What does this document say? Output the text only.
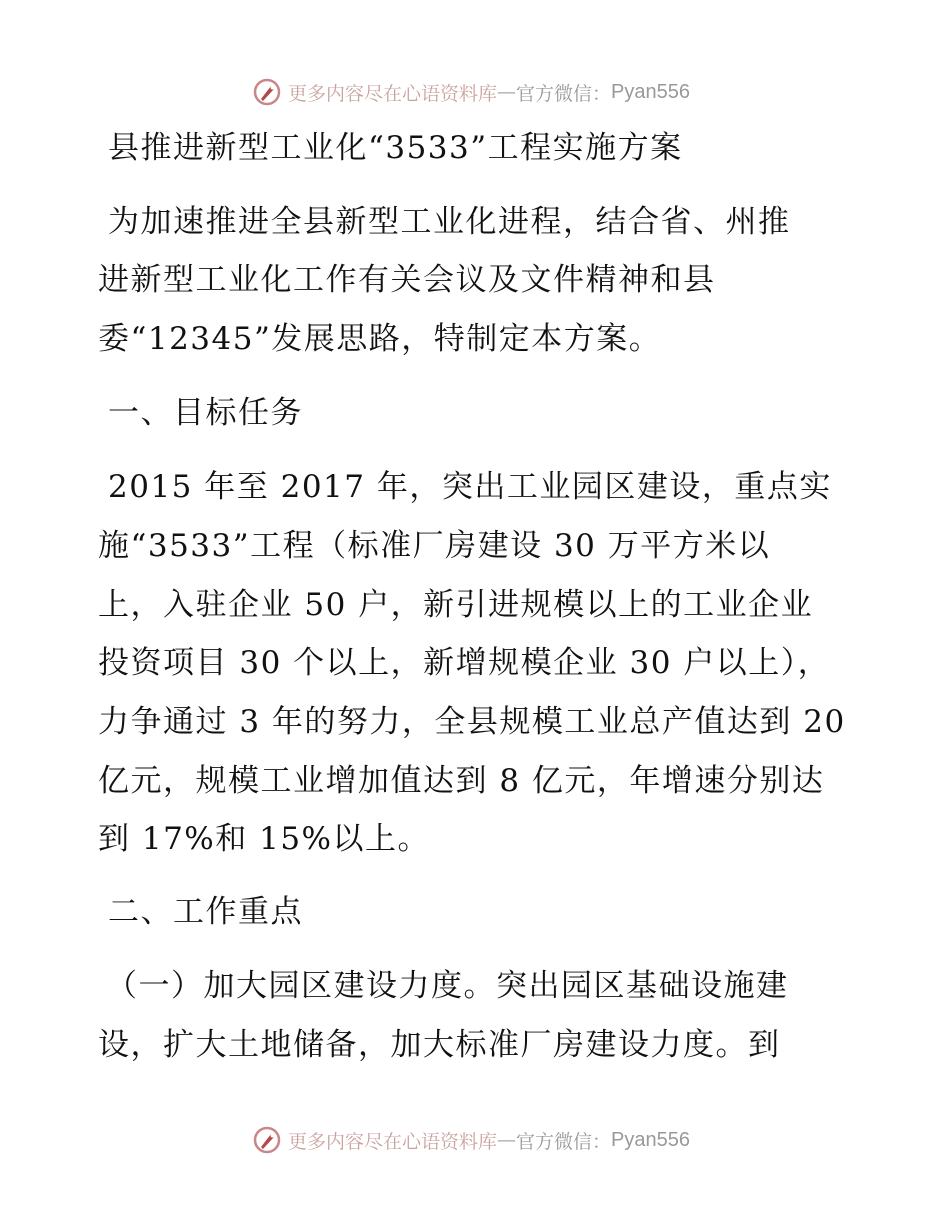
更多内容尽在心语资料库 — 官方微信： Pyan556
县推进新型工业化“3533”工程实施方案
为加速推进全县新型工业化进程，结合省、州推
进新型工业化工作有关会议及文件精神和县
委“12345”发展思路，特制定本方案。
一、目标任务
2015 年至 2017 年，突出工业园区建设，重点实
施“3533”工程（标准厂房建设 30 万平方米以
上，入驻企业 50 户，新引进规模以上的工业企业
投资项目 30 个以上，新增规模企业 30 户以上），
力争通过 3 年的努力，全县规模工业总产值达到 20
亿元，规模工业增加值达到 8 亿元，年增速分别达
到 17%和 15%以上。
二、工作重点
（一）加大园区建设力度。突出园区基础设施建
设，扩大土地储备，加大标准厂房建设力度。到
更多内容尽在心语资料库 — 官方微信： Pyan556
